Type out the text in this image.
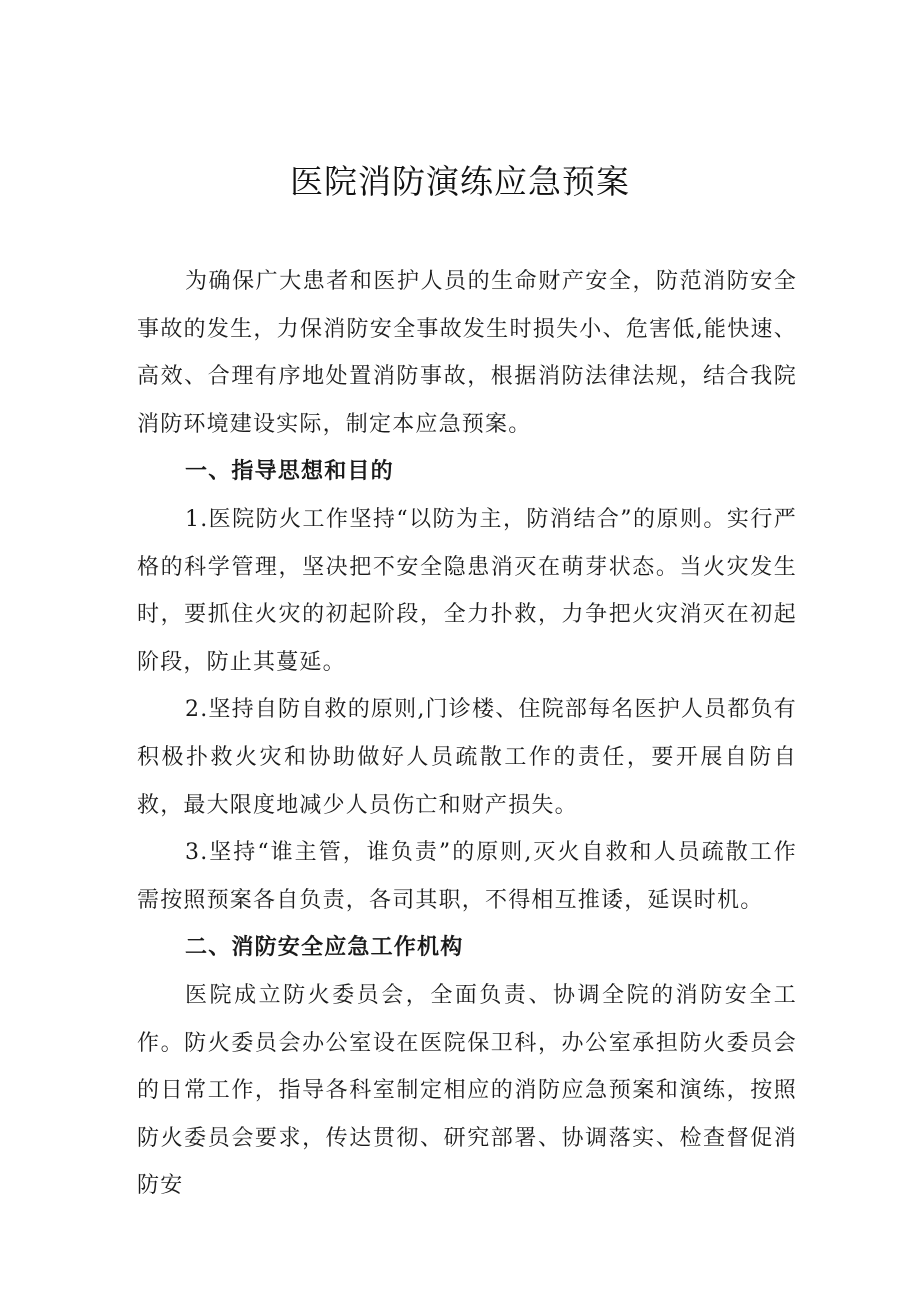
医院消防演练应急预案

为确保广大患者和医护人员的生命财产安全，防范消防安全事故的发生，力保消防安全事故发生时损失小、危害低,能快速、高效、合理有序地处置消防事故，根据消防法律法规，结合我院消防环境建设实际，制定本应急预案。

一、指导思想和目的

1.医院防火工作坚持“以防为主，防消结合”的原则。实行严格的科学管理，坚决把不安全隐患消灭在萌芽状态。当火灾发生时，要抓住火灾的初起阶段，全力扑救，力争把火灾消灭在初起阶段，防止其蔓延。

2.坚持自防自救的原则,门诊楼、住院部每名医护人员都负有积极扑救火灾和协助做好人员疏散工作的责任，要开展自防自救，最大限度地减少人员伤亡和财产损失。

3.坚持“谁主管，谁负责”的原则,灭火自救和人员疏散工作需按照预案各自负责，各司其职，不得相互推诿，延误时机。

二、消防安全应急工作机构

医院成立防火委员会，全面负责、协调全院的消防安全工作。防火委员会办公室设在医院保卫科，办公室承担防火委员会的日常工作，指导各科室制定相应的消防应急预案和演练，按照防火委员会要求，传达贯彻、研究部署、协调落实、检查督促消防安
